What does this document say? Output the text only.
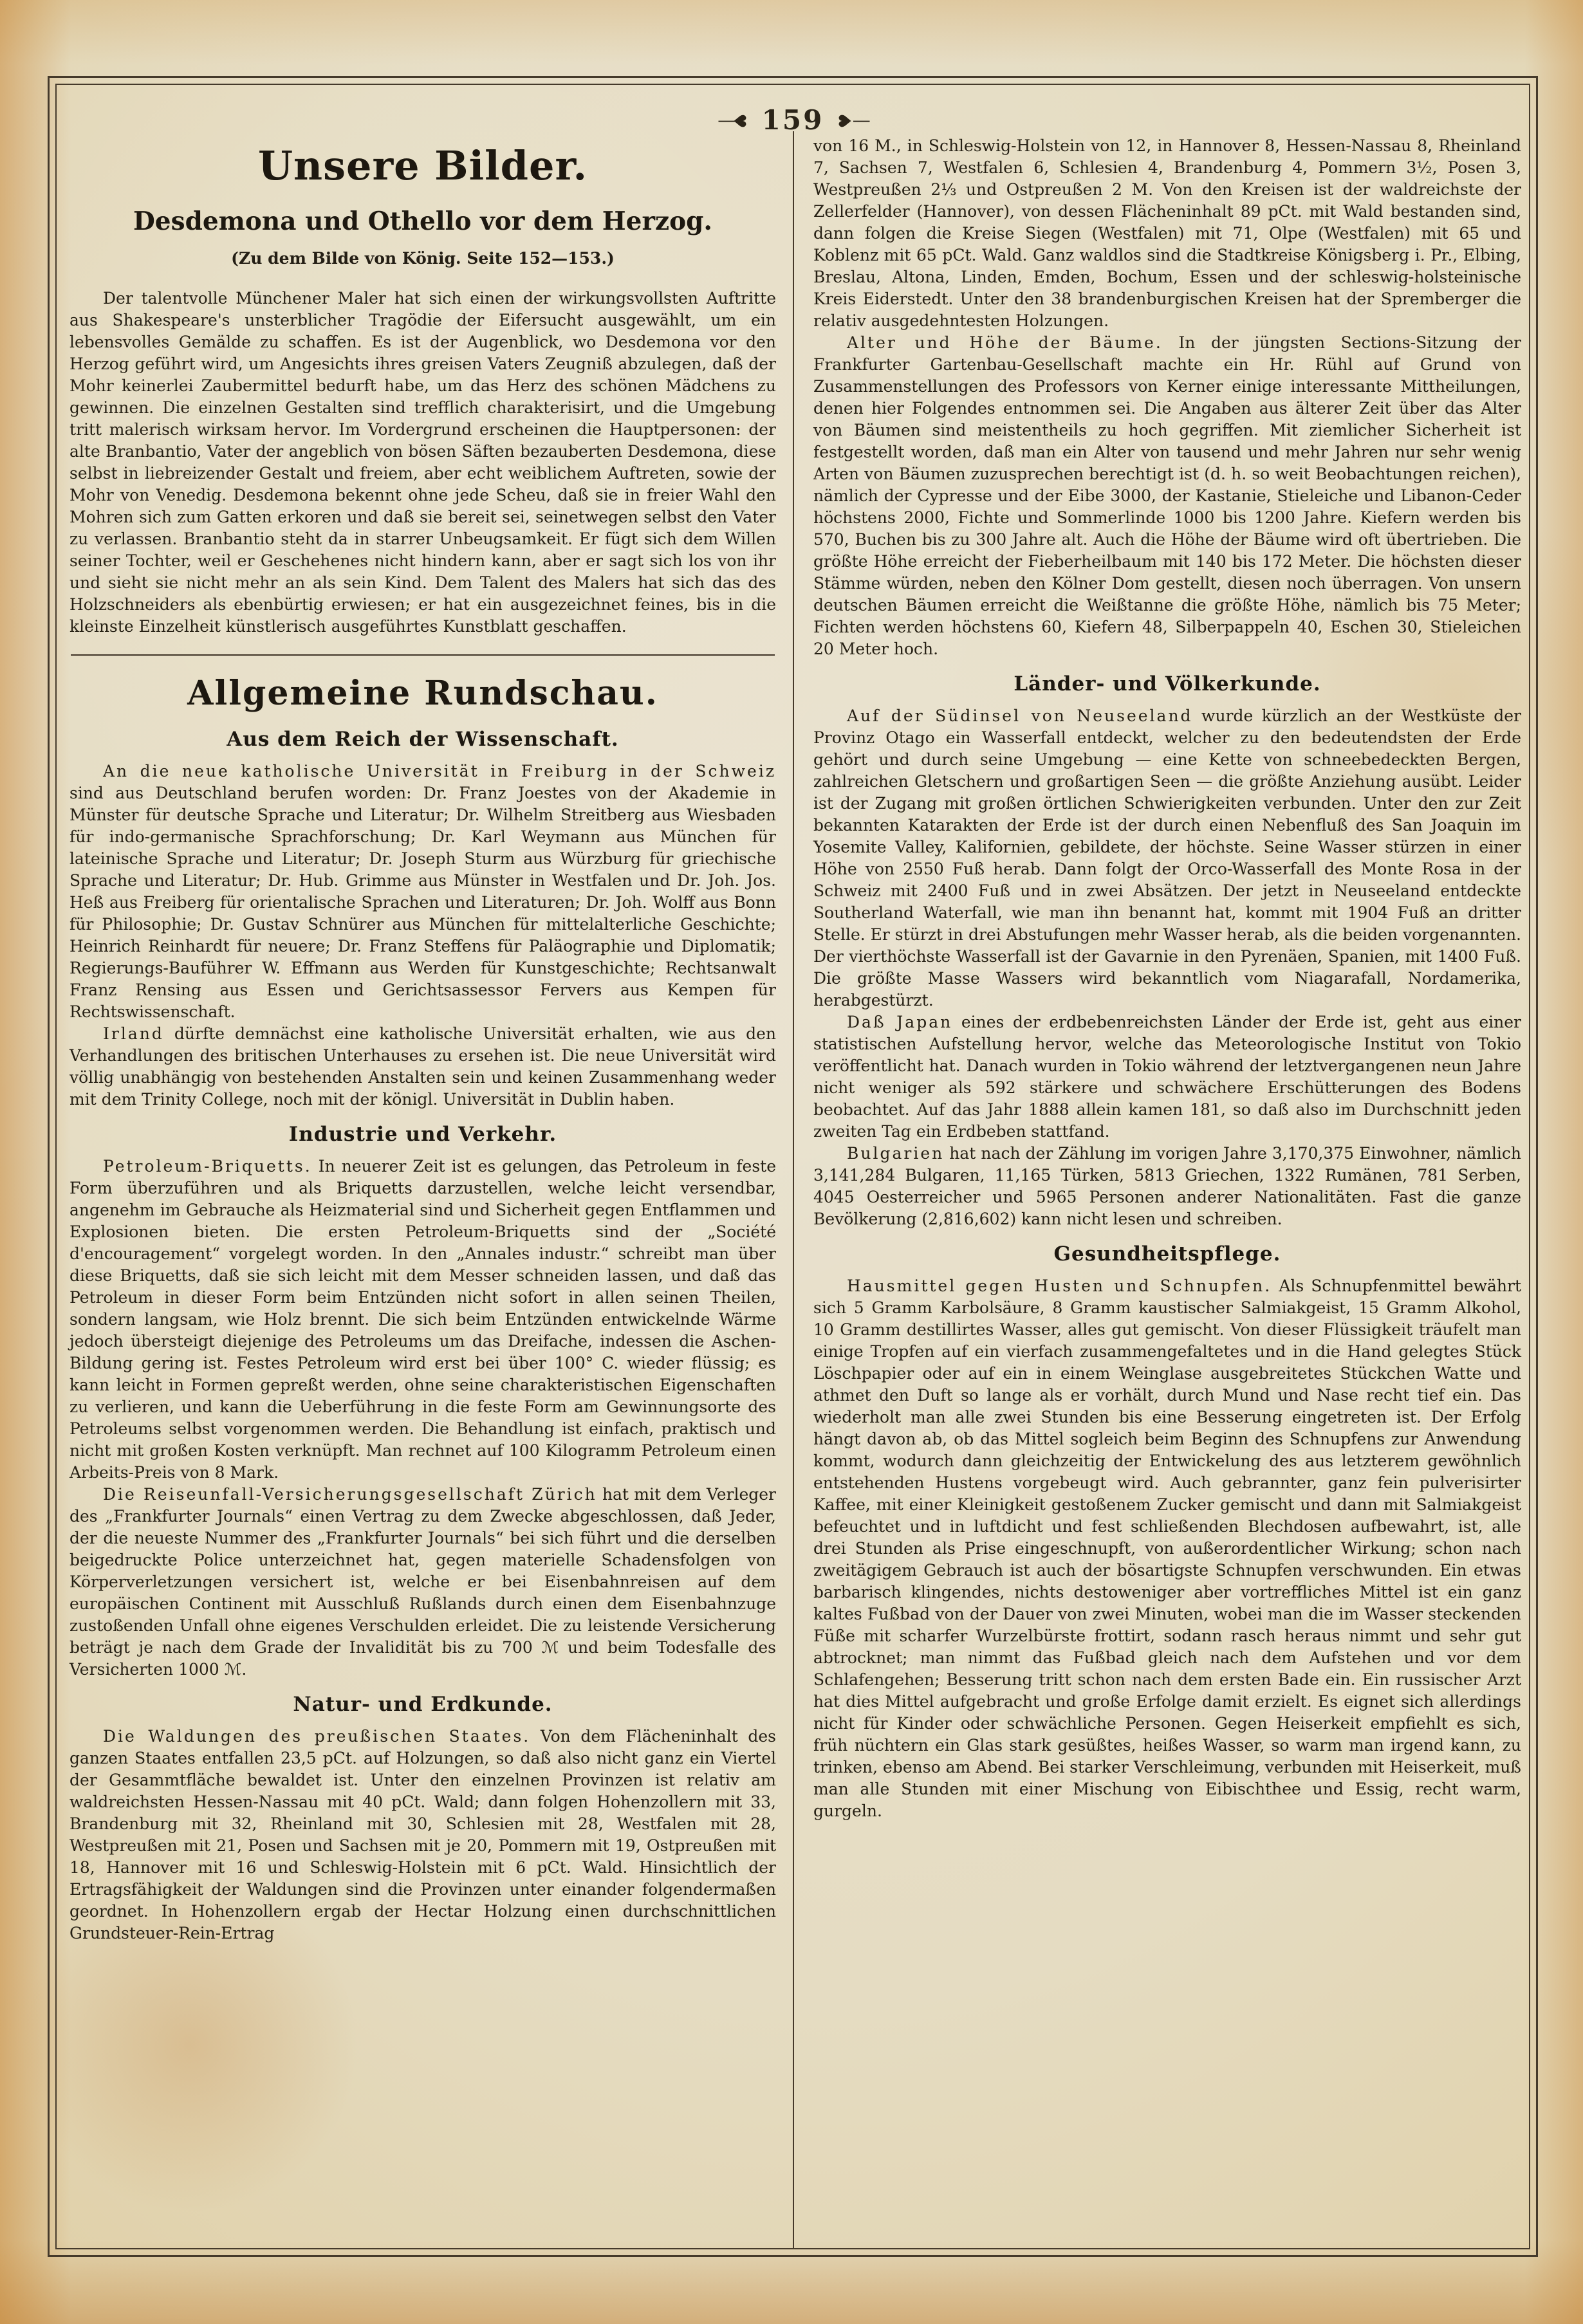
— ♥ 159 ♥ —
Unsere Bilder.
Desdemona und Othello vor dem Herzog.
(Zu dem Bilde von König. Seite 152—153.)

Der talentvolle Münchener Maler hat sich einen der wirkungsvollsten Auftritte aus Shakespeare's unsterblicher Tragödie der Eifersucht ausgewählt, um ein lebensvolles Gemälde zu schaffen. Es ist der Augenblick, wo Desdemona vor den Herzog geführt wird, um Angesichts ihres greisen Vaters Zeugniß abzulegen, daß der Mohr keinerlei Zaubermittel bedurft habe, um das Herz des schönen Mädchens zu gewinnen. Die einzelnen Gestalten sind trefflich charakterisirt, und die Umgebung tritt malerisch wirksam hervor. Im Vordergrund erscheinen die Hauptpersonen: der alte Branbantio, Vater der angeblich von bösen Säften bezauberten Desdemona, diese selbst in liebreizender Gestalt und freiem, aber echt weiblichem Auftreten, sowie der Mohr von Venedig. Desdemona bekennt ohne jede Scheu, daß sie in freier Wahl den Mohren sich zum Gatten erkoren und daß sie bereit sei, seinetwegen selbst den Vater zu verlassen. Branbantio steht da in starrer Unbeugsamkeit. Er fügt sich dem Willen seiner Tochter, weil er Geschehenes nicht hindern kann, aber er sagt sich los von ihr und sieht sie nicht mehr an als sein Kind. Dem Talent des Malers hat sich das des Holzschneiders als ebenbürtig erwiesen; er hat ein ausgezeichnet feines, bis in die kleinste Einzelheit künstlerisch ausgeführtes Kunstblatt geschaffen.

Allgemeine Rundschau.
Aus dem Reich der Wissenschaft.

An die neue katholische Universität in Freiburg in der Schweiz sind aus Deutschland berufen worden: Dr. Franz Joestes von der Akademie in Münster für deutsche Sprache und Literatur; Dr. Wilhelm Streitberg aus Wiesbaden für indo-germanische Sprachforschung; Dr. Karl Weymann aus München für lateinische Sprache und Literatur; Dr. Joseph Sturm aus Würzburg für griechische Sprache und Literatur; Dr. Hub. Grimme aus Münster in Westfalen und Dr. Joh. Jos. Heß aus Freiberg für orientalische Sprachen und Literaturen; Dr. Joh. Wolff aus Bonn für Philosophie; Dr. Gustav Schnürer aus München für mittelalterliche Geschichte; Heinrich Reinhardt für neuere; Dr. Franz Steffens für Paläographie und Diplomatik; Regierungs-Bauführer W. Effmann aus Werden für Kunstgeschichte; Rechtsanwalt Franz Rensing aus Essen und Gerichtsassessor Fervers aus Kempen für Rechtswissenschaft.

Irland dürfte demnächst eine katholische Universität erhalten, wie aus den Verhandlungen des britischen Unterhauses zu ersehen ist. Die neue Universität wird völlig unabhängig von bestehenden Anstalten sein und keinen Zusammenhang weder mit dem Trinity College, noch mit der königl. Universität in Dublin haben.

Industrie und Verkehr.

Petroleum-Briquetts. In neuerer Zeit ist es gelungen, das Petroleum in feste Form überzuführen und als Briquetts darzustellen, welche leicht versendbar, angenehm im Gebrauche als Heizmaterial sind und Sicherheit gegen Entflammen und Explosionen bieten. Die ersten Petroleum-Briquetts sind der „Société d'encouragement“ vorgelegt worden. In den „Annales industr.“ schreibt man über diese Briquetts, daß sie sich leicht mit dem Messer schneiden lassen, und daß das Petroleum in dieser Form beim Entzünden nicht sofort in allen seinen Theilen, sondern langsam, wie Holz brennt. Die sich beim Entzünden entwickelnde Wärme jedoch übersteigt diejenige des Petroleums um das Dreifache, indessen die Aschen-Bildung gering ist. Festes Petroleum wird erst bei über 100° C. wieder flüssig; es kann leicht in Formen gepreßt werden, ohne seine charakteristischen Eigenschaften zu verlieren, und kann die Ueberführung in die feste Form am Gewinnungsorte des Petroleums selbst vorgenommen werden. Die Behandlung ist einfach, praktisch und nicht mit großen Kosten verknüpft. Man rechnet auf 100 Kilogramm Petroleum einen Arbeits-Preis von 8 Mark.

Die Reiseunfall-Versicherungsgesellschaft Zürich hat mit dem Verleger des „Frankfurter Journals“ einen Vertrag zu dem Zwecke abgeschlossen, daß Jeder, der die neueste Nummer des „Frankfurter Journals“ bei sich führt und die derselben beigedruckte Police unterzeichnet hat, gegen materielle Schadensfolgen von Körperverletzungen versichert ist, welche er bei Eisenbahnreisen auf dem europäischen Continent mit Ausschluß Rußlands durch einen dem Eisenbahnzuge zustoßenden Unfall ohne eigenes Verschulden erleidet. Die zu leistende Versicherung beträgt je nach dem Grade der Invalidität bis zu 700 ℳ und beim Todesfalle des Versicherten 1000 ℳ.

Natur- und Erdkunde.

Die Waldungen des preußischen Staates. Von dem Flächeninhalt des ganzen Staates entfallen 23,5 pCt. auf Holzungen, so daß also nicht ganz ein Viertel der Gesammtfläche bewaldet ist. Unter den einzelnen Provinzen ist relativ am waldreichsten Hessen-Nassau mit 40 pCt. Wald; dann folgen Hohenzollern mit 33, Brandenburg mit 32, Rheinland mit 30, Schlesien mit 28, Westfalen mit 28, Westpreußen mit 21, Posen und Sachsen mit je 20, Pommern mit 19, Ostpreußen mit 18, Hannover mit 16 und Schleswig-Holstein mit 6 pCt. Wald. Hinsichtlich der Ertragsfähigkeit der Waldungen sind die Provinzen unter einander folgendermaßen geordnet. In Hohenzollern ergab der Hectar Holzung einen durchschnittlichen Grundsteuer-Rein-Ertrag

von 16 M., in Schleswig-Holstein von 12, in Hannover 8, Hessen-Nassau 8, Rheinland 7, Sachsen 7, Westfalen 6, Schlesien 4, Brandenburg 4, Pommern 3½, Posen 3, Westpreußen 2⅓ und Ostpreußen 2 M. Von den Kreisen ist der waldreichste der Zellerfelder (Hannover), von dessen Flächeninhalt 89 pCt. mit Wald bestanden sind, dann folgen die Kreise Siegen (Westfalen) mit 71, Olpe (Westfalen) mit 65 und Koblenz mit 65 pCt. Wald. Ganz waldlos sind die Stadtkreise Königsberg i. Pr., Elbing, Breslau, Altona, Linden, Emden, Bochum, Essen und der schleswig-holsteinische Kreis Eiderstedt. Unter den 38 brandenburgischen Kreisen hat der Spremberger die relativ ausgedehntesten Holzungen.

Alter und Höhe der Bäume. In der jüngsten Sections-Sitzung der Frankfurter Gartenbau-Gesellschaft machte ein Hr. Rühl auf Grund von Zusammenstellungen des Professors von Kerner einige interessante Mittheilungen, denen hier Folgendes entnommen sei. Die Angaben aus älterer Zeit über das Alter von Bäumen sind meistentheils zu hoch gegriffen. Mit ziemlicher Sicherheit ist festgestellt worden, daß man ein Alter von tausend und mehr Jahren nur sehr wenig Arten von Bäumen zuzusprechen berechtigt ist (d. h. so weit Beobachtungen reichen), nämlich der Cypresse und der Eibe 3000, der Kastanie, Stieleiche und Libanon-Ceder höchstens 2000, Fichte und Sommerlinde 1000 bis 1200 Jahre. Kiefern werden bis 570, Buchen bis zu 300 Jahre alt. Auch die Höhe der Bäume wird oft übertrieben. Die größte Höhe erreicht der Fieberheilbaum mit 140 bis 172 Meter. Die höchsten dieser Stämme würden, neben den Kölner Dom gestellt, diesen noch überragen. Von unsern deutschen Bäumen erreicht die Weißtanne die größte Höhe, nämlich bis 75 Meter; Fichten werden höchstens 60, Kiefern 48, Silberpappeln 40, Eschen 30, Stieleichen 20 Meter hoch.

Länder- und Völkerkunde.

Auf der Südinsel von Neuseeland wurde kürzlich an der Westküste der Provinz Otago ein Wasserfall entdeckt, welcher zu den bedeutendsten der Erde gehört und durch seine Umgebung — eine Kette von schneebedeckten Bergen, zahlreichen Gletschern und großartigen Seen — die größte Anziehung ausübt. Leider ist der Zugang mit großen örtlichen Schwierigkeiten verbunden. Unter den zur Zeit bekannten Katarakten der Erde ist der durch einen Nebenfluß des San Joaquin im Yosemite Valley, Kalifornien, gebildete, der höchste. Seine Wasser stürzen in einer Höhe von 2550 Fuß herab. Dann folgt der Orco-Wasserfall des Monte Rosa in der Schweiz mit 2400 Fuß und in zwei Absätzen. Der jetzt in Neuseeland entdeckte Southerland Waterfall, wie man ihn benannt hat, kommt mit 1904 Fuß an dritter Stelle. Er stürzt in drei Abstufungen mehr Wasser herab, als die beiden vorgenannten. Der vierthöchste Wasserfall ist der Gavarnie in den Pyrenäen, Spanien, mit 1400 Fuß. Die größte Masse Wassers wird bekanntlich vom Niagarafall, Nordamerika, herabgestürzt.

Daß Japan eines der erdbebenreichsten Länder der Erde ist, geht aus einer statistischen Aufstellung hervor, welche das Meteorologische Institut von Tokio veröffentlicht hat. Danach wurden in Tokio während der letztvergangenen neun Jahre nicht weniger als 592 stärkere und schwächere Erschütterungen des Bodens beobachtet. Auf das Jahr 1888 allein kamen 181, so daß also im Durchschnitt jeden zweiten Tag ein Erdbeben stattfand.

Bulgarien hat nach der Zählung im vorigen Jahre 3,170,375 Einwohner, nämlich 3,141,284 Bulgaren, 11,165 Türken, 5813 Griechen, 1322 Rumänen, 781 Serben, 4045 Oesterreicher und 5965 Personen anderer Nationalitäten. Fast die ganze Bevölkerung (2,816,602) kann nicht lesen und schreiben.

Gesundheitspflege.

Hausmittel gegen Husten und Schnupfen. Als Schnupfenmittel bewährt sich 5 Gramm Karbolsäure, 8 Gramm kaustischer Salmiakgeist, 15 Gramm Alkohol, 10 Gramm destillirtes Wasser, alles gut gemischt. Von dieser Flüssigkeit träufelt man einige Tropfen auf ein vierfach zusammengefaltetes und in die Hand gelegtes Stück Löschpapier oder auf ein in einem Weinglase ausgebreitetes Stückchen Watte und athmet den Duft so lange als er vorhält, durch Mund und Nase recht tief ein. Das wiederholt man alle zwei Stunden bis eine Besserung eingetreten ist. Der Erfolg hängt davon ab, ob das Mittel sogleich beim Beginn des Schnupfens zur Anwendung kommt, wodurch dann gleichzeitig der Entwickelung des aus letzterem gewöhnlich entstehenden Hustens vorgebeugt wird. Auch gebrannter, ganz fein pulverisirter Kaffee, mit einer Kleinigkeit gestoßenem Zucker gemischt und dann mit Salmiakgeist befeuchtet und in luftdicht und fest schließenden Blechdosen aufbewahrt, ist, alle drei Stunden als Prise eingeschnupft, von außerordentlicher Wirkung; schon nach zweitägigem Gebrauch ist auch der bösartigste Schnupfen verschwunden. Ein etwas barbarisch klingendes, nichts destoweniger aber vortreffliches Mittel ist ein ganz kaltes Fußbad von der Dauer von zwei Minuten, wobei man die im Wasser steckenden Füße mit scharfer Wurzelbürste frottirt, sodann rasch heraus nimmt und sehr gut abtrocknet; man nimmt das Fußbad gleich nach dem Aufstehen und vor dem Schlafengehen; Besserung tritt schon nach dem ersten Bade ein. Ein russischer Arzt hat dies Mittel aufgebracht und große Erfolge damit erzielt. Es eignet sich allerdings nicht für Kinder oder schwächliche Personen. Gegen Heiserkeit empfiehlt es sich, früh nüchtern ein Glas stark gesüßtes, heißes Wasser, so warm man irgend kann, zu trinken, ebenso am Abend. Bei starker Verschleimung, verbunden mit Heiserkeit, muß man alle Stunden mit einer Mischung von Eibischthee und Essig, recht warm, gurgeln.
